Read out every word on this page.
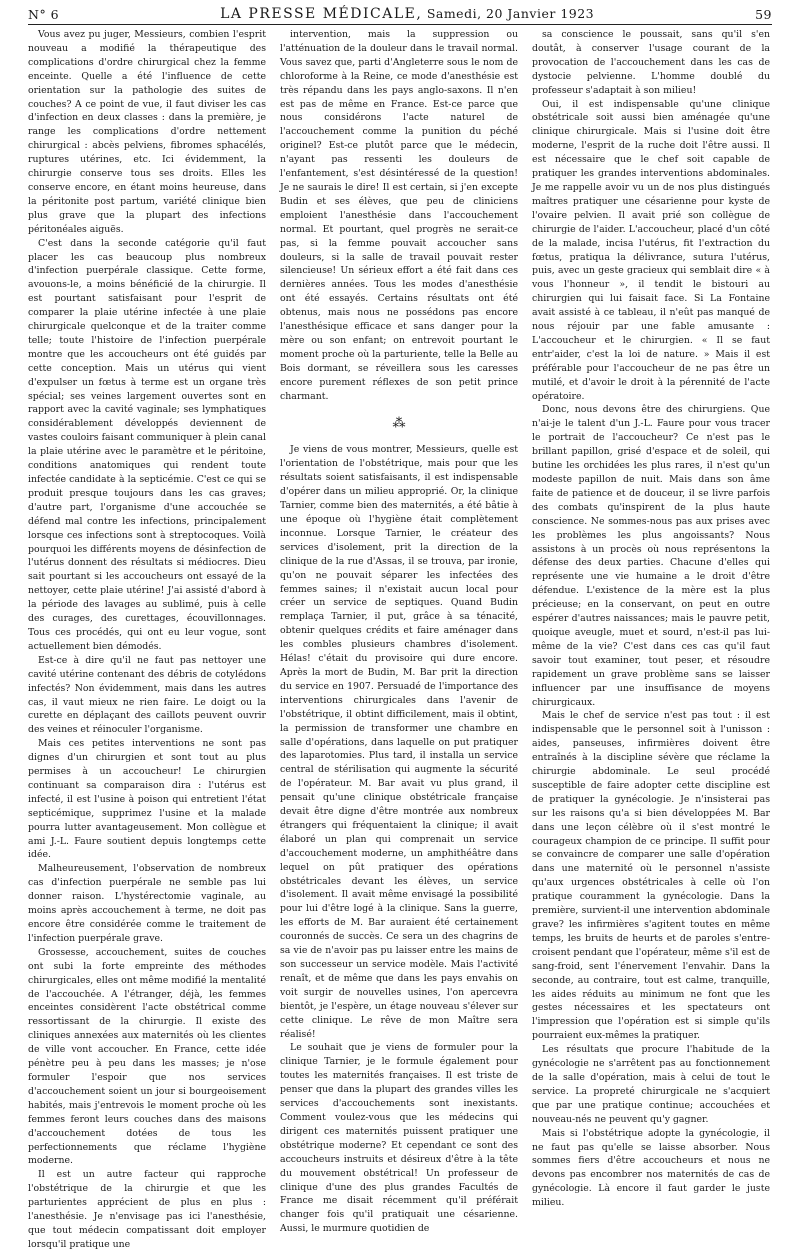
N° 6	LA PRESSE MÉDICALE, Samedi, 20 Janvier 1923	59

Vous avez pu juger, Messieurs, combien l'esprit nouveau a modifié la thérapeutique des complications d'ordre chirurgical chez la femme enceinte. Quelle a été l'influence de cette orientation sur la pathologie des suites de couches? A ce point de vue, il faut diviser les cas d'infection en deux classes : dans la première, je range les complications d'ordre nettement chirurgical : abcès pelviens, fibromes sphacélés, ruptures utérines, etc. Ici évidemment, la chirurgie conserve tous ses droits. Elles les conserve encore, en étant moins heureuse, dans la péritonite post partum, variété clinique bien plus grave que la plupart des infections péritonéales aiguës.

C'est dans la seconde catégorie qu'il faut placer les cas beaucoup plus nombreux d'infection puerpérale classique. Cette forme, avouons-le, a moins bénéficié de la chirurgie. Il est pourtant satisfaisant pour l'esprit de comparer la plaie utérine infectée à une plaie chirurgicale quelconque et de la traiter comme telle; toute l'histoire de l'infection puerpérale montre que les accoucheurs ont été guidés par cette conception. Mais un utérus qui vient d'expulser un fœtus à terme est un organe très spécial; ses veines largement ouvertes sont en rapport avec la cavité vaginale; ses lymphatiques considérablement développés deviennent de vastes couloirs faisant communiquer à plein canal la plaie utérine avec le paramètre et le péritoine, conditions anatomiques qui rendent toute infectée candidate à la septicémie. C'est ce qui se produit presque toujours dans les cas graves; d'autre part, l'organisme d'une accouchée se défend mal contre les infections, principalement lorsque ces infections sont à streptocoques. Voilà pourquoi les différents moyens de désinfection de l'utérus donnent des résultats si médiocres. Dieu sait pourtant si les accoucheurs ont essayé de la nettoyer, cette plaie utérine! J'ai assisté d'abord à la période des lavages au sublimé, puis à celle des curages, des curettages, écouvillonnages. Tous ces procédés, qui ont eu leur vogue, sont actuellement bien démodés.

Est-ce à dire qu'il ne faut pas nettoyer une cavité utérine contenant des débris de cotylédons infectés? Non évidemment, mais dans les autres cas, il vaut mieux ne rien faire. Le doigt ou la curette en déplaçant des caillots peuvent ouvrir des veines et réinoculer l'organisme.

Mais ces petites interventions ne sont pas dignes d'un chirurgien et sont tout au plus permises à un accoucheur! Le chirurgien continuant sa comparaison dira : l'utérus est infecté, il est l'usine à poison qui entretient l'état septicémique, supprimez l'usine et la malade pourra lutter avantageusement. Mon collègue et ami J.-L. Faure soutient depuis longtemps cette idée.

Malheureusement, l'observation de nombreux cas d'infection puerpérale ne semble pas lui donner raison. L'hystérectomie vaginale, au moins après accouchement à terme, ne doit pas encore être considérée comme le traitement de l'infection puerpérale grave.

Grossesse, accouchement, suites de couches ont subi la forte empreinte des méthodes chirurgicales, elles ont même modifié la mentalité de l'accouchée. A l'étranger, déjà, les femmes enceintes considèrent l'acte obstétrical comme ressortissant de la chirurgie. Il existe des cliniques annexées aux maternités où les clientes de ville vont accoucher. En France, cette idée pénètre peu à peu dans les masses; je n'ose formuler l'espoir que nos services d'accouchement soient un jour si bourgeoisement habités, mais j'entrevois le moment proche où les femmes feront leurs couches dans des maisons d'accouchement dotées de tous les perfectionnements que réclame l'hygiène moderne.

Il est un autre facteur qui rapproche l'obstétrique de la chirurgie et que les parturientes apprécient de plus en plus : l'anesthésie. Je n'envisage pas ici l'anesthésie, que tout médecin compatissant doit employer lorsqu'il pratique une

intervention, mais la suppression ou l'atténuation de la douleur dans le travail normal. Vous savez que, parti d'Angleterre sous le nom de chloroforme à la Reine, ce mode d'anesthésie est très répandu dans les pays anglo-saxons. Il n'en est pas de même en France. Est-ce parce que nous considérons l'acte naturel de l'accouchement comme la punition du péché originel? Est-ce plutôt parce que le médecin, n'ayant pas ressenti les douleurs de l'enfantement, s'est désintéressé de la question! Je ne saurais le dire! Il est certain, si j'en excepte Budin et ses élèves, que peu de cliniciens emploient l'anesthésie dans l'accouchement normal. Et pourtant, quel progrès ne serait-ce pas, si la femme pouvait accoucher sans douleurs, si la salle de travail pouvait rester silencieuse! Un sérieux effort a été fait dans ces dernières années. Tous les modes d'anesthésie ont été essayés. Certains résultats ont été obtenus, mais nous ne possédons pas encore l'anesthésique efficace et sans danger pour la mère ou son enfant; on entrevoit pourtant le moment proche où la parturiente, telle la Belle au Bois dormant, se réveillera sous les caresses encore purement réflexes de son petit prince charmant.

⁂

Je viens de vous montrer, Messieurs, quelle est l'orientation de l'obstétrique, mais pour que les résultats soient satisfaisants, il est indispensable d'opérer dans un milieu approprié. Or, la clinique Tarnier, comme bien des maternités, a été bâtie à une époque où l'hygiène était complètement inconnue. Lorsque Tarnier, le créateur des services d'isolement, prit la direction de la clinique de la rue d'Assas, il se trouva, par ironie, qu'on ne pouvait séparer les infectées des femmes saines; il n'existait aucun local pour créer un service de septiques. Quand Budin remplaça Tarnier, il put, grâce à sa ténacité, obtenir quelques crédits et faire aménager dans les combles plusieurs chambres d'isolement. Hélas! c'était du provisoire qui dure encore. Après la mort de Budin, M. Bar prit la direction du service en 1907. Persuadé de l'importance des interventions chirurgicales dans l'avenir de l'obstétrique, il obtint difficilement, mais il obtint, la permission de transformer une chambre en salle d'opérations, dans laquelle on put pratiquer des laparotomies. Plus tard, il installa un service central de stérilisation qui augmente la sécurité de l'opérateur. M. Bar avait vu plus grand, il pensait qu'une clinique obstétricale française devait être digne d'être montrée aux nombreux étrangers qui fréquentaient la clinique; il avait élaboré un plan qui comprenait un service d'accouchement moderne, un amphithéâtre dans lequel on pût pratiquer des opérations obstétricales devant les élèves, un service d'isolement. Il avait même envisagé la possibilité pour lui d'être logé à la clinique. Sans la guerre, les efforts de M. Bar auraient été certainement couronnés de succès. Ce sera un des chagrins de sa vie de n'avoir pas pu laisser entre les mains de son successeur un service modèle. Mais l'activité renaît, et de même que dans les pays envahis on voit surgir de nouvelles usines, l'on apercevra bientôt, je l'espère, un étage nouveau s'élever sur cette clinique. Le rêve de mon Maître sera réalisé!

Le souhait que je viens de formuler pour la clinique Tarnier, je le formule également pour toutes les maternités françaises. Il est triste de penser que dans la plupart des grandes villes les services d'accouchements sont inexistants. Comment voulez-vous que les médecins qui dirigent ces maternités puissent pratiquer une obstétrique moderne? Et cependant ce sont des accoucheurs instruits et désireux d'être à la tête du mouvement obstétrical! Un professeur de clinique d'une des plus grandes Facultés de France me disait récemment qu'il préférait changer fois qu'il pratiquait une césarienne. Aussi, le murmure quotidien de

sa conscience le poussait, sans qu'il s'en doutât, à conserver l'usage courant de la provocation de l'accouchement dans les cas de dystocie pelvienne. L'homme doublé du professeur s'adaptait à son milieu!

Oui, il est indispensable qu'une clinique obstétricale soit aussi bien aménagée qu'une clinique chirurgicale. Mais si l'usine doit être moderne, l'esprit de la ruche doit l'être aussi. Il est nécessaire que le chef soit capable de pratiquer les grandes interventions abdominales. Je me rappelle avoir vu un de nos plus distingués maîtres pratiquer une césarienne pour kyste de l'ovaire pelvien. Il avait prié son collègue de chirurgie de l'aider. L'accoucheur, placé d'un côté de la malade, incisa l'utérus, fit l'extraction du fœtus, pratiqua la délivrance, sutura l'utérus, puis, avec un geste gracieux qui semblait dire « à vous l'honneur », il tendit le bistouri au chirurgien qui lui faisait face. Si La Fontaine avait assisté à ce tableau, il n'eût pas manqué de nous réjouir par une fable amusante : L'accoucheur et le chirurgien. « Il se faut entr'aider, c'est la loi de nature. » Mais il est préférable pour l'accoucheur de ne pas être un mutilé, et d'avoir le droit à la pérennité de l'acte opératoire.

Donc, nous devons être des chirurgiens. Que n'ai-je le talent d'un J.-L. Faure pour vous tracer le portrait de l'accoucheur? Ce n'est pas le brillant papillon, grisé d'espace et de soleil, qui butine les orchidées les plus rares, il n'est qu'un modeste papillon de nuit. Mais dans son âme faite de patience et de douceur, il se livre parfois des combats qu'inspirent de la plus haute conscience. Ne sommes-nous pas aux prises avec les problèmes les plus angoissants? Nous assistons à un procès où nous représentons la défense des deux parties. Chacune d'elles qui représente une vie humaine a le droit d'être défendue. L'existence de la mère est la plus précieuse; en la conservant, on peut en outre espérer d'autres naissances; mais le pauvre petit, quoique aveugle, muet et sourd, n'est-il pas lui-même de la vie? C'est dans ces cas qu'il faut savoir tout examiner, tout peser, et résoudre rapidement un grave problème sans se laisser influencer par une insuffisance de moyens chirurgicaux.

Mais le chef de service n'est pas tout : il est indispensable que le personnel soit à l'unisson : aides, panseuses, infirmières doivent être entraînés à la discipline sévère que réclame la chirurgie abdominale. Le seul procédé susceptible de faire adopter cette discipline est de pratiquer la gynécologie. Je n'insisterai pas sur les raisons qu'a si bien développées M. Bar dans une leçon célèbre où il s'est montré le courageux champion de ce principe. Il suffit pour se convaincre de comparer une salle d'opération dans une maternité où le personnel n'assiste qu'aux urgences obstétricales à celle où l'on pratique couramment la gynécologie. Dans la première, survient-il une intervention abdominale grave? les infirmières s'agitent toutes en même temps, les bruits de heurts et de paroles s'entre-croisent pendant que l'opérateur, même s'il est de sang-froid, sent l'énervement l'envahir. Dans la seconde, au contraire, tout est calme, tranquille, les aides réduits au minimum ne font que les gestes nécessaires et les spectateurs ont l'impression que l'opération est si simple qu'ils pourraient eux-mêmes la pratiquer.

Les résultats que procure l'habitude de la gynécologie ne s'arrêtent pas au fonctionnement de la salle d'opération, mais à celui de tout le service. La propreté chirurgicale ne s'acquiert que par une pratique continue; accouchées et nouveau-nés ne peuvent qu'y gagner.

Mais si l'obstétrique adopte la gynécologie, il ne faut pas qu'elle se laisse absorber. Nous sommes fiers d'être accoucheurs et nous ne devons pas encombrer nos maternités de cas de gynécologie. Là encore il faut garder le juste milieu.
